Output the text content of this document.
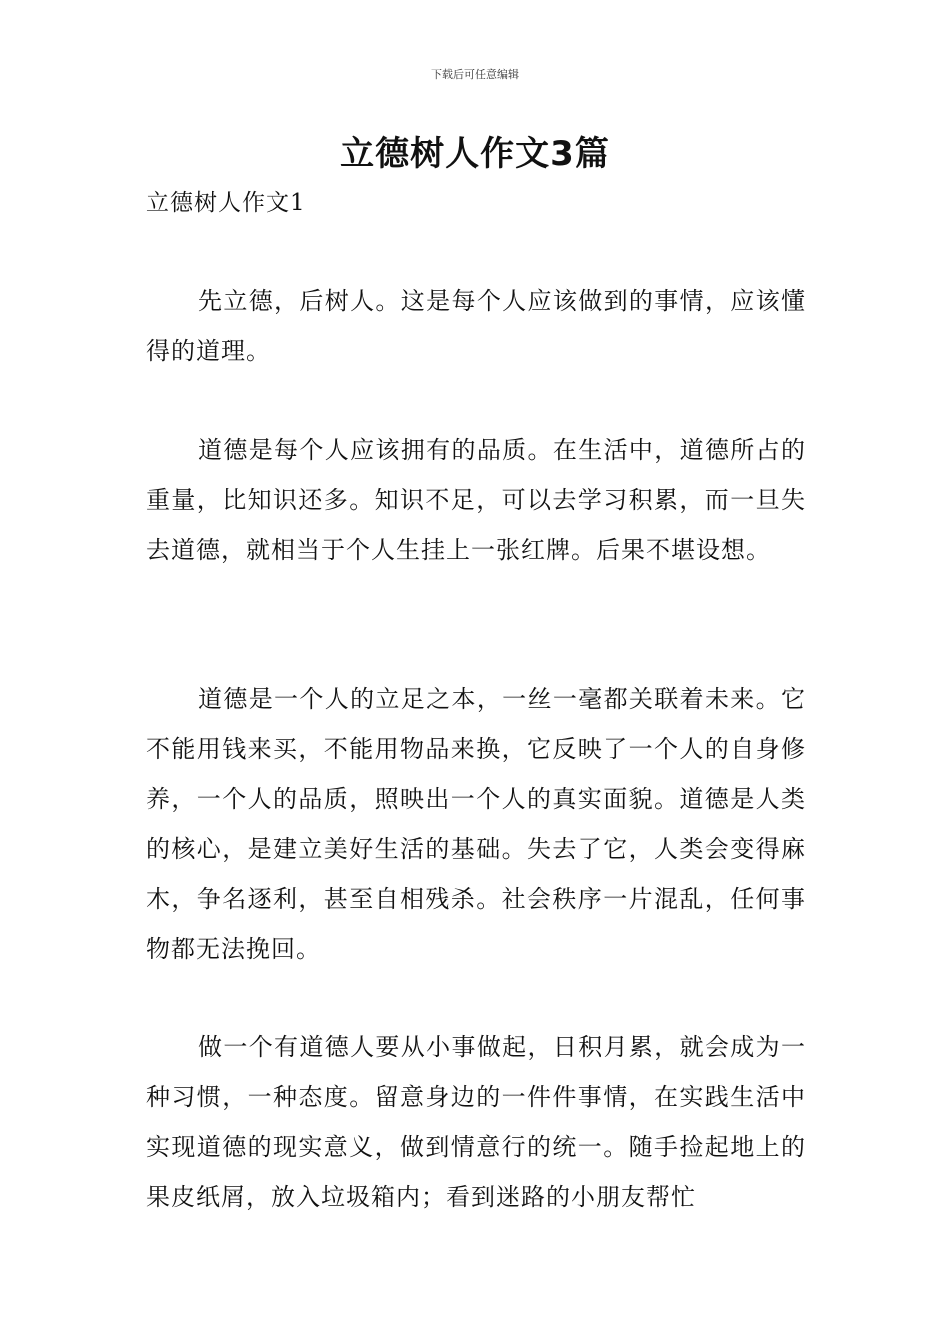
下载后可任意编辑
立德树人作文3篇
立德树人作文1

先立德，后树人。这是每个人应该做到的事情，应该懂得的道理。

道德是每个人应该拥有的品质。在生活中，道德所占的重量，比知识还多。知识不足，可以去学习积累，而一旦失去道德，就相当于个人生挂上一张红牌。后果不堪设想。

道德是一个人的立足之本，一丝一毫都关联着未来。它不能用钱来买，不能用物品来换，它反映了一个人的自身修养，一个人的品质，照映出一个人的真实面貌。道德是人类的核心，是建立美好生活的基础。失去了它，人类会变得麻木，争名逐利，甚至自相残杀。社会秩序一片混乱，任何事物都无法挽回。

做一个有道德人要从小事做起，日积月累，就会成为一种习惯，一种态度。留意身边的一件件事情，在实践生活中实现道德的现实意义，做到情意行的统一。随手捡起地上的果皮纸屑，放入垃圾箱内；看到迷路的小朋友帮忙
